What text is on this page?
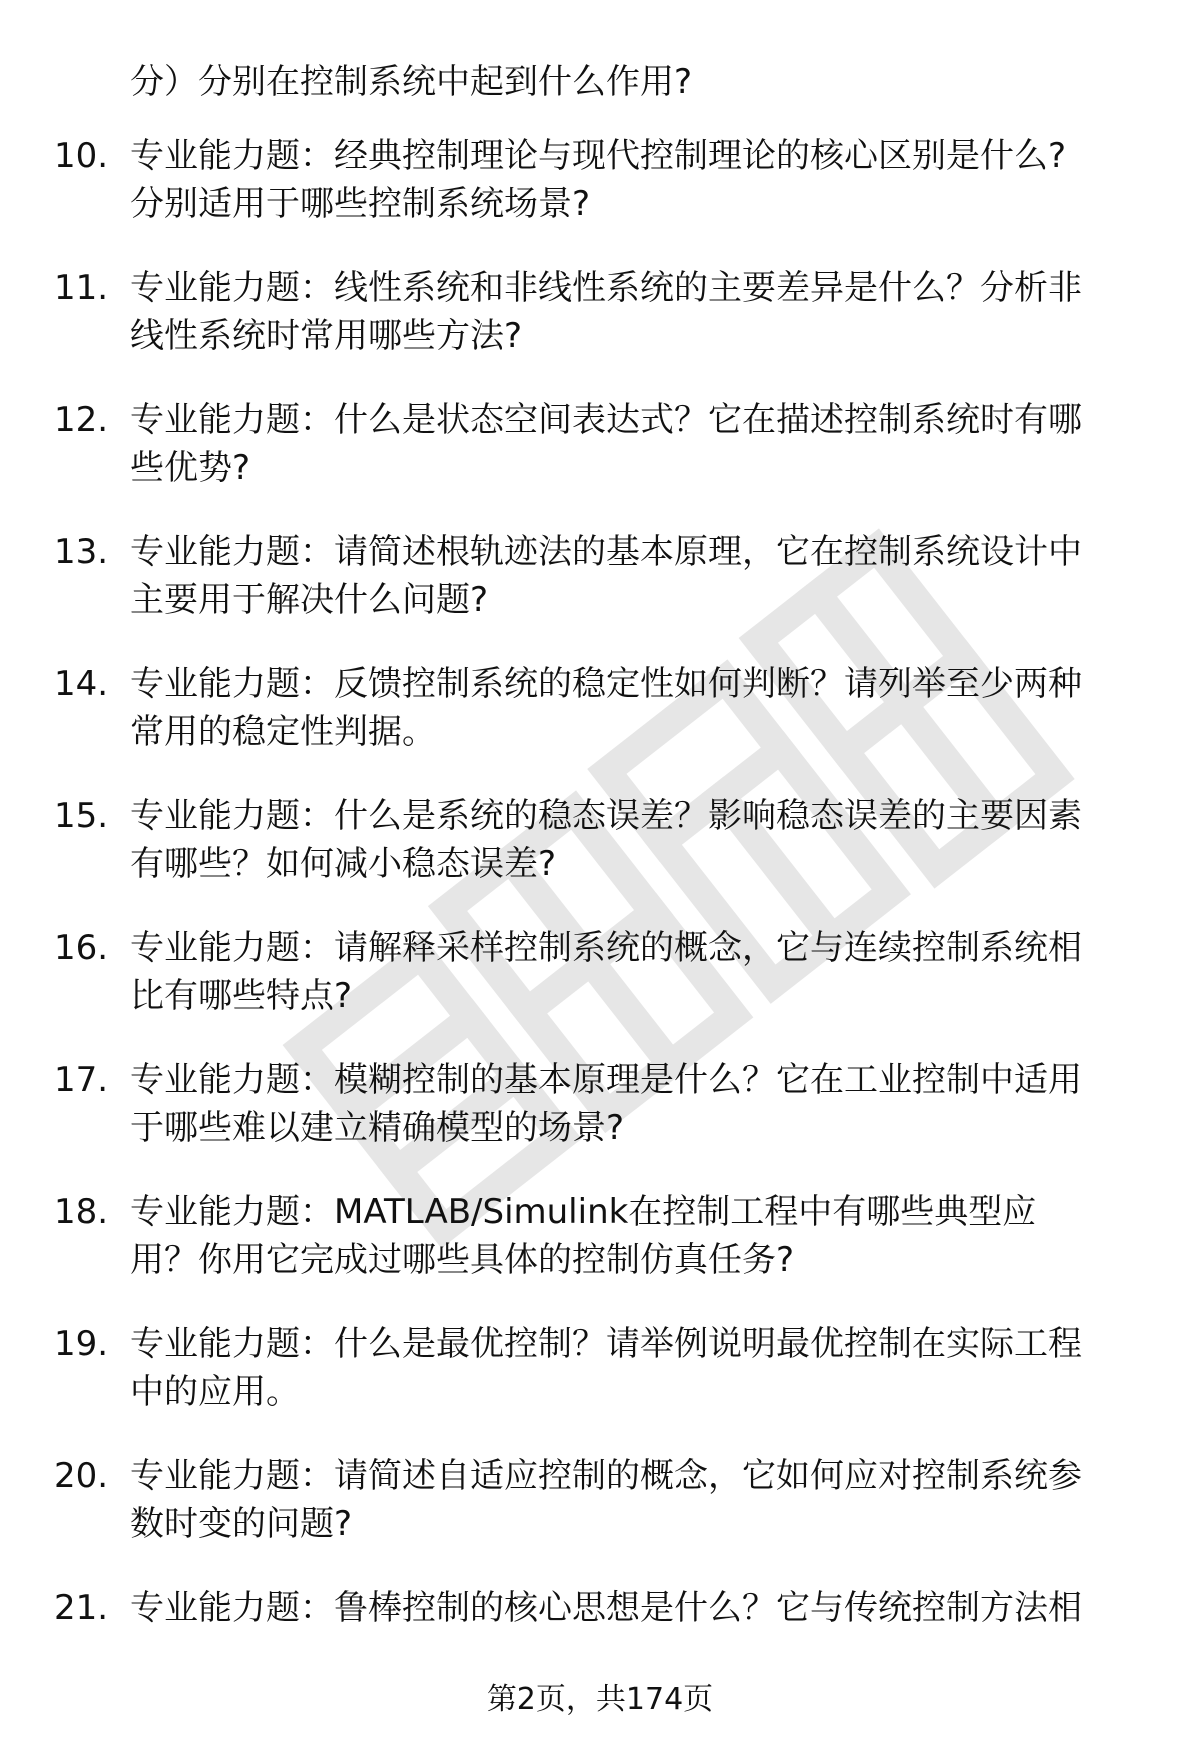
分）分别在控制系统中起到什么作用?
10. 专业能力题：经典控制理论与现代控制理论的核心区别是什么?
分别适用于哪些控制系统场景?
11. 专业能力题：线性系统和非线性系统的主要差异是什么？分析非
线性系统时常用哪些方法?
12. 专业能力题：什么是状态空间表达式？它在描述控制系统时有哪
些优势?
13. 专业能力题：请简述根轨迹法的基本原理，它在控制系统设计中
主要用于解决什么问题?
14. 专业能力题：反馈控制系统的稳定性如何判断？请列举至少两种
常用的稳定性判据。
15. 专业能力题：什么是系统的稳态误差？影响稳态误差的主要因素
有哪些？如何减小稳态误差?
16. 专业能力题：请解释采样控制系统的概念，它与连续控制系统相
比有哪些特点?
17. 专业能力题：模糊控制的基本原理是什么？它在工业控制中适用
于哪些难以建立精确模型的场景?
18. 专业能力题：MATLAB/Simulink在控制工程中有哪些典型应
用？你用它完成过哪些具体的控制仿真任务?
19. 专业能力题：什么是最优控制？请举例说明最优控制在实际工程
中的应用。
20. 专业能力题：请简述自适应控制的概念，它如何应对控制系统参
数时变的问题?
21. 专业能力题：鲁棒控制的核心思想是什么？它与传统控制方法相
第2页，共174页
